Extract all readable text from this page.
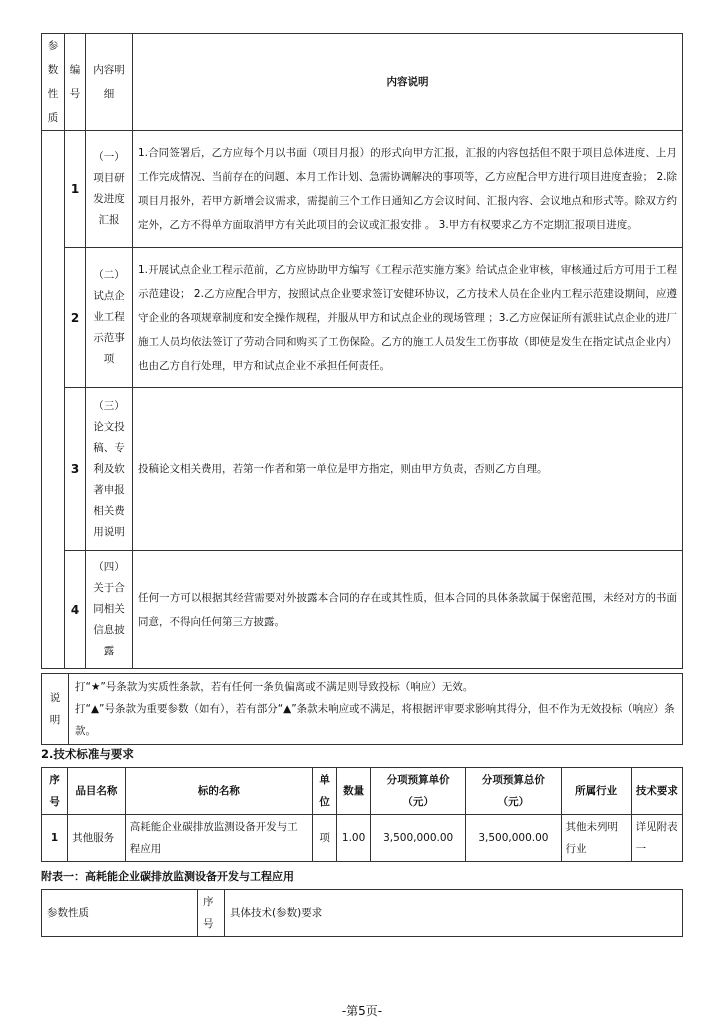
参数性质	编号	内容明细	内容说明
	1	（一）项目研发进度汇报	1.合同签署后，乙方应每个月以书面（项目月报）的形式向甲方汇报，汇报的内容包括但不限于项目总体进度、上月工作完成情况、当前存在的问题、本月工作计划、急需协调解决的事项等，乙方应配合甲方进行项目进度查验； 2.除项目月报外，若甲方新增会议需求，需提前三个工作日通知乙方会议时间、汇报内容、会议地点和形式等。除双方约定外，乙方不得单方面取消甲方有关此项目的会议或汇报安排 。 3.甲方有权要求乙方不定期汇报项目进度。
	2	（二）试点企业工程示范事项	1.开展试点企业工程示范前，乙方应协助甲方编写《工程示范实施方案》给试点企业审核，审核通过后方可用于工程示范建设； 2.乙方应配合甲方，按照试点企业要求签订安健环协议，乙方技术人员在企业内工程示范建设期间，应遵守企业的各项规章制度和安全操作规程，并服从甲方和试点企业的现场管理 ；3.乙方应保证所有派驻试点企业的进厂施工人员均依法签订了劳动合同和购买了工伤保险。乙方的施工人员发生工伤事故（即使是发生在指定试点企业内）也由乙方自行处理，甲方和试点企业不承担任何责任。
	3	（三）论文投稿、专利及软著申报相关费用说明	投稿论文相关费用，若第一作者和第一单位是甲方指定，则由甲方负责，否则乙方自理。
	4	（四）关于合同相关信息披露	任何一方可以根据其经营需要对外披露本合同的存在或其性质，但本合同的具体条款属于保密范围，未经对方的书面同意，不得向任何第三方披露。
说明	
打“★”号条款为实质性条款，若有任何一条负偏离或不满足则导致投标（响应）无效。
打“▲”号条款为重要参数（如有），若有部分“▲”条款未响应或不满足，将根据评审要求影响其得分，但不作为无效投标（响应）条款。
2.技术标准与要求
序号	品目名称	标的名称	单位	数量	分项预算单价（元）	分项预算总价（元）	所属行业	技术要求
1	其他服务	高耗能企业碳排放监测设备开发与工程应用	项	1.00	3,500,000.00	3,500,000.00	其他未列明行业	详见附表一
附表一：高耗能企业碳排放监测设备开发与工程应用
参数性质	序号	具体技术(参数)要求
-第5页-
